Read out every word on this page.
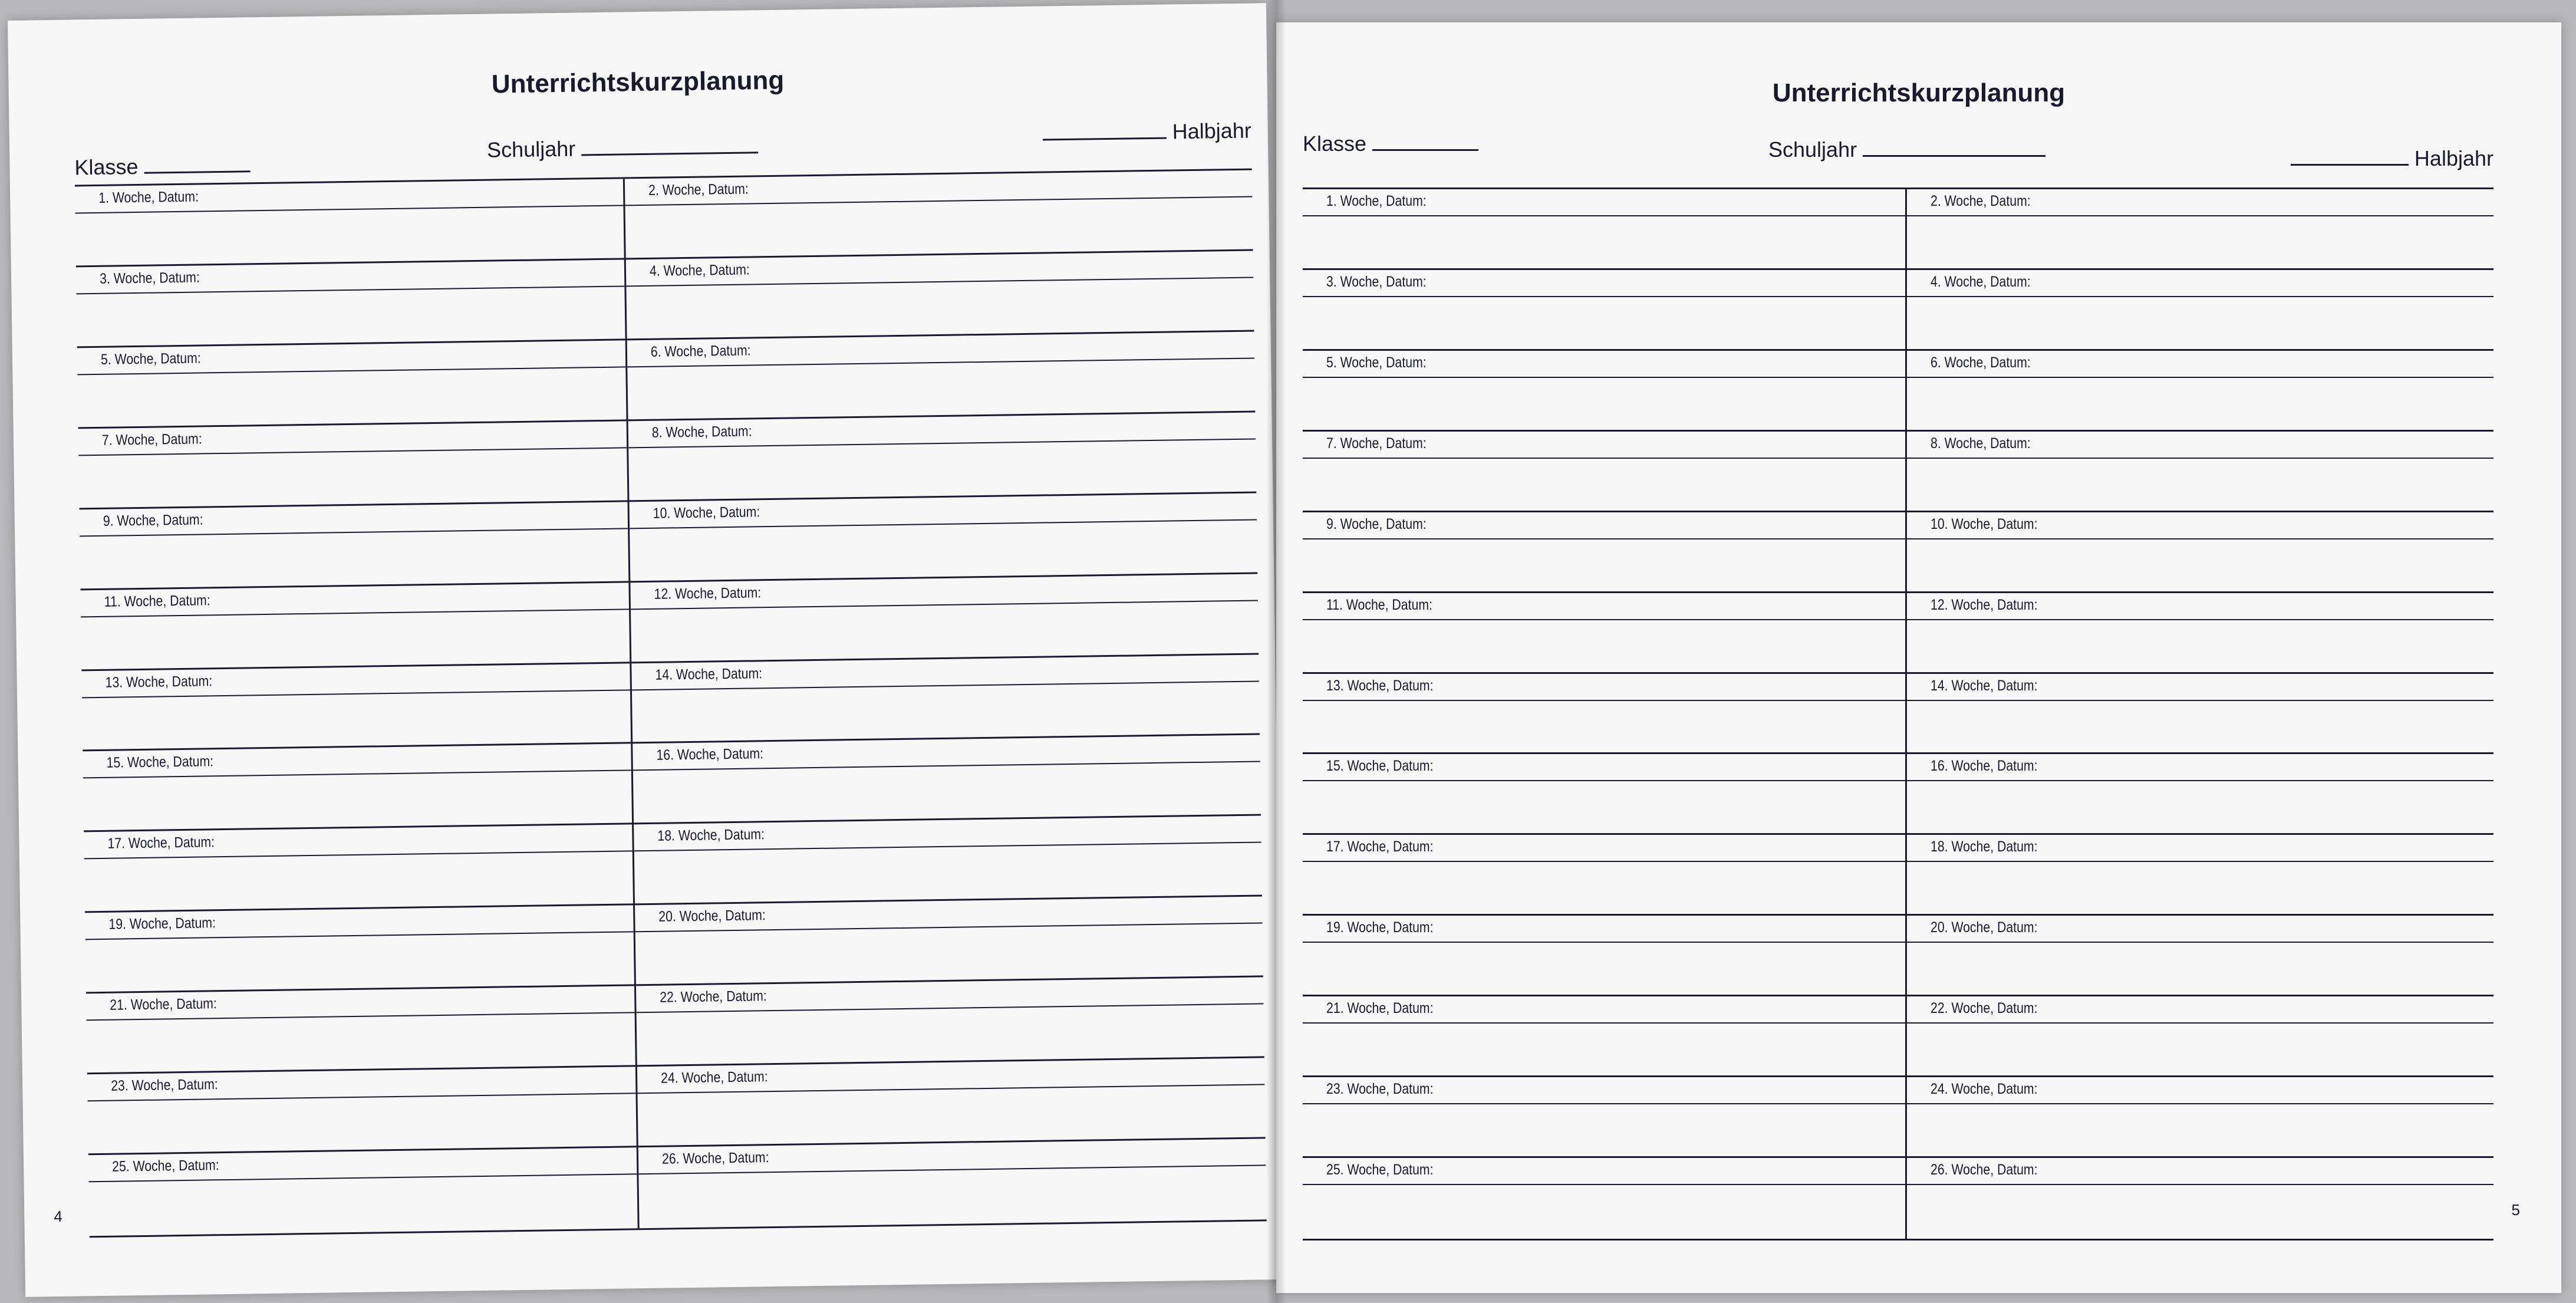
Unterrichtskurzplanung
Klasse
Schuljahr
Halbjahr
1. Woche, Datum:	2. Woche, Datum:
3. Woche, Datum:	4. Woche, Datum:
5. Woche, Datum:	6. Woche, Datum:
7. Woche, Datum:	8. Woche, Datum:
9. Woche, Datum:	10. Woche, Datum:
11. Woche, Datum:	12. Woche, Datum:
13. Woche, Datum:	14. Woche, Datum:
15. Woche, Datum:	16. Woche, Datum:
17. Woche, Datum:	18. Woche, Datum:
19. Woche, Datum:	20. Woche, Datum:
21. Woche, Datum:	22. Woche, Datum:
23. Woche, Datum:	24. Woche, Datum:
25. Woche, Datum:	26. Woche, Datum:
4
Unterrichtskurzplanung
Klasse	Schuljahr	Halbjahr
1. Woche, Datum:	2. Woche, Datum:
3. Woche, Datum:	4. Woche, Datum:
5. Woche, Datum:	6. Woche, Datum:
7. Woche, Datum:	8. Woche, Datum:
9. Woche, Datum:	10. Woche, Datum:
11. Woche, Datum:	12. Woche, Datum:
13. Woche, Datum:	14. Woche, Datum:
15. Woche, Datum:	16. Woche, Datum:
17. Woche, Datum:	18. Woche, Datum:
19. Woche, Datum:	20. Woche, Datum:
21. Woche, Datum:	22. Woche, Datum:
23. Woche, Datum:	24. Woche, Datum:
25. Woche, Datum:	26. Woche, Datum:
5
